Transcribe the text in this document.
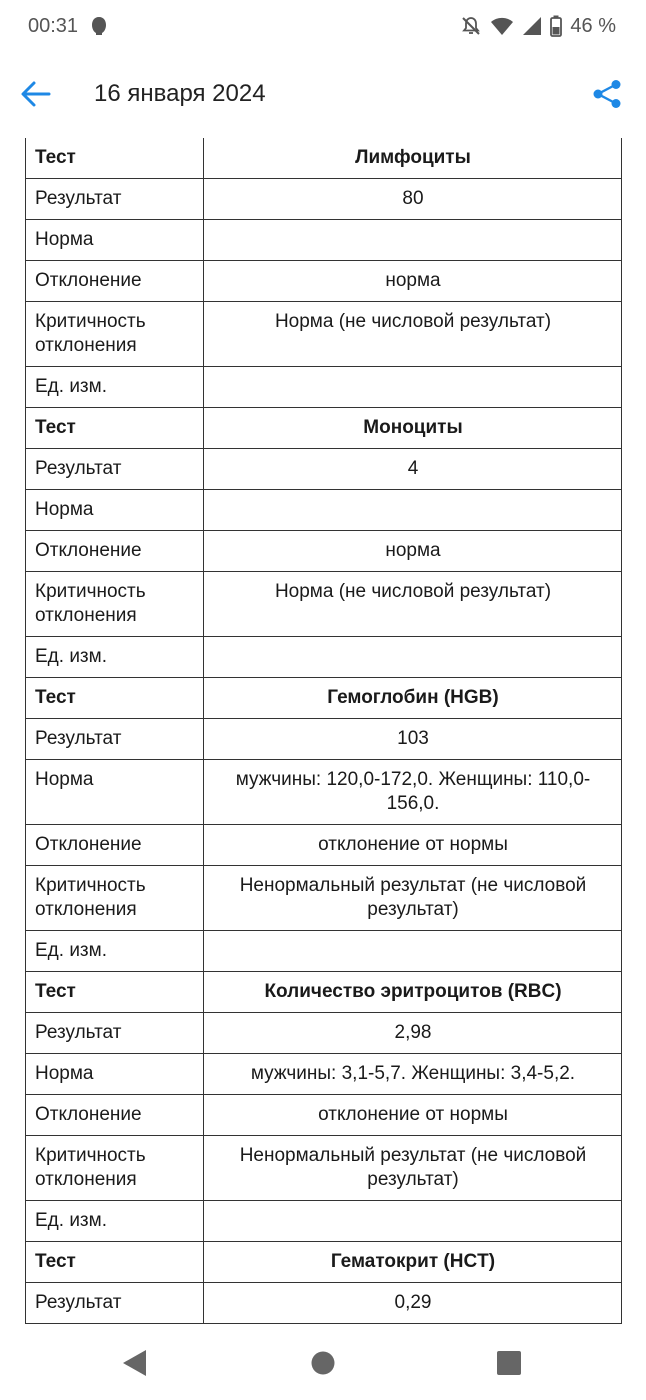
00:31	46 %
16 января 2024
Тест	Лимфоциты
Результат	80
Норма	
Отклонение	норма
Критичность отклонения	Норма (не числовой результат)
Ед. изм.	
Тест	Моноциты
Результат	4
Норма	
Отклонение	норма
Критичность отклонения	Норма (не числовой результат)
Ед. изм.	
Тест	Гемоглобин (HGB)
Результат	103
Норма	мужчины: 120,0-172,0. Женщины: 110,0-156,0.
Отклонение	отклонение от нормы
Критичность отклонения	Ненормальный результат (не числовой результат)
Ед. изм.	
Тест	Количество эритроцитов (RBC)
Результат	2,98
Норма	мужчины: 3,1-5,7. Женщины: 3,4-5,2.
Отклонение	отклонение от нормы
Критичность отклонения	Ненормальный результат (не числовой результат)
Ед. изм.	
Тест	Гематокрит (HCT)
Результат	0,29
